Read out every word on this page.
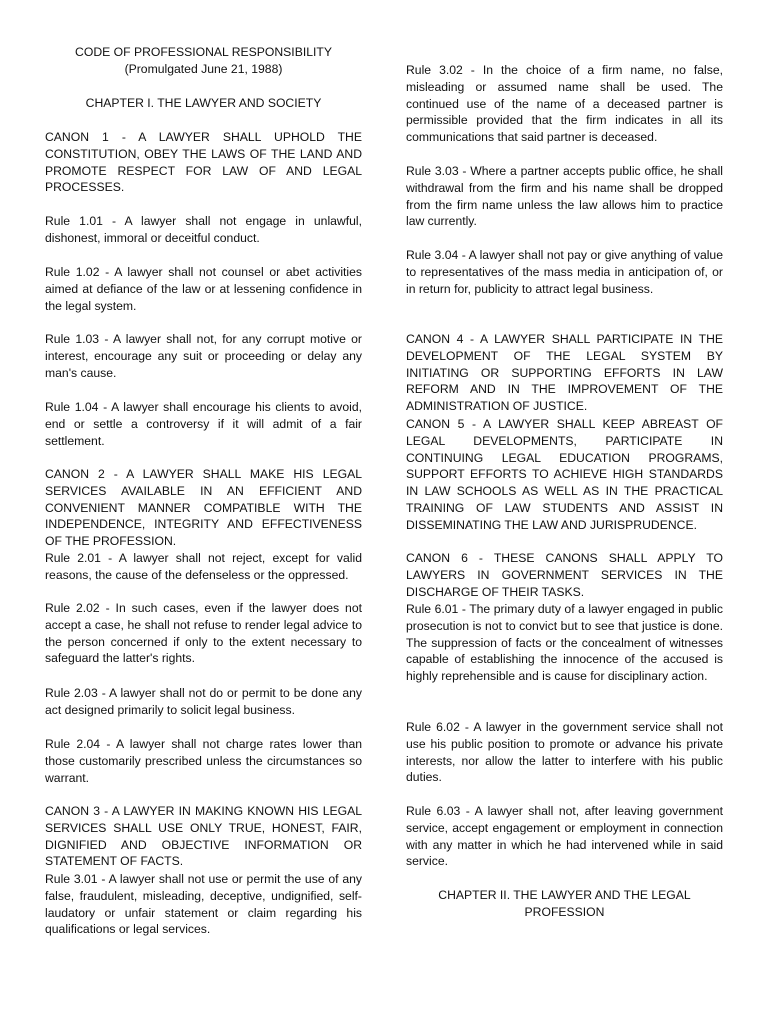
CODE OF PROFESSIONAL RESPONSIBILITY

(Promulgated June 21, 1988)

CHAPTER I. THE LAWYER AND SOCIETY

CANON 1 - A LAWYER SHALL UPHOLD THE CONSTITUTION, OBEY THE LAWS OF THE LAND AND PROMOTE RESPECT FOR LAW OF AND LEGAL PROCESSES.

Rule 1.01 - A lawyer shall not engage in unlawful, dishonest, immoral or deceitful conduct.

Rule 1.02 - A lawyer shall not counsel or abet activities aimed at defiance of the law or at lessening confidence in the legal system.

Rule 1.03 - A lawyer shall not, for any corrupt motive or interest, encourage any suit or proceeding or delay any man's cause.

Rule 1.04 - A lawyer shall encourage his clients to avoid, end or settle a controversy if it will admit of a fair settlement.

CANON 2 - A LAWYER SHALL MAKE HIS LEGAL SERVICES AVAILABLE IN AN EFFICIENT AND CONVENIENT MANNER COMPATIBLE WITH THE INDEPENDENCE, INTEGRITY AND EFFECTIVENESS OF THE PROFESSION.

Rule 2.01 - A lawyer shall not reject, except for valid reasons, the cause of the defenseless or the oppressed.

Rule 2.02 - In such cases, even if the lawyer does not accept a case, he shall not refuse to render legal advice to the person concerned if only to the extent necessary to safeguard the latter's rights.

Rule 2.03 - A lawyer shall not do or permit to be done any act designed primarily to solicit legal business.

Rule 2.04 - A lawyer shall not charge rates lower than those customarily prescribed unless the circumstances so warrant.

CANON 3 - A LAWYER IN MAKING KNOWN HIS LEGAL SERVICES SHALL USE ONLY TRUE, HONEST, FAIR, DIGNIFIED AND OBJECTIVE INFORMATION OR STATEMENT OF FACTS.

Rule 3.01 - A lawyer shall not use or permit the use of any false, fraudulent, misleading, deceptive, undignified, self-laudatory or unfair statement or claim regarding his qualifications or legal services.

Rule 3.02 - In the choice of a firm name, no false, misleading or assumed name shall be used. The continued use of the name of a deceased partner is permissible provided that the firm indicates in all its communications that said partner is deceased.

Rule 3.03 - Where a partner accepts public office, he shall withdrawal from the firm and his name shall be dropped from the firm name unless the law allows him to practice law currently.

Rule 3.04 - A lawyer shall not pay or give anything of value to representatives of the mass media in anticipation of, or in return for, publicity to attract legal business.

CANON 4 - A LAWYER SHALL PARTICIPATE IN THE DEVELOPMENT OF THE LEGAL SYSTEM BY INITIATING OR SUPPORTING EFFORTS IN LAW REFORM AND IN THE IMPROVEMENT OF THE ADMINISTRATION OF JUSTICE.

CANON 5 - A LAWYER SHALL KEEP ABREAST OF LEGAL DEVELOPMENTS, PARTICIPATE IN CONTINUING LEGAL EDUCATION PROGRAMS, SUPPORT EFFORTS TO ACHIEVE HIGH STANDARDS IN LAW SCHOOLS AS WELL AS IN THE PRACTICAL TRAINING OF LAW STUDENTS AND ASSIST IN DISSEMINATING THE LAW AND JURISPRUDENCE.

CANON 6 - THESE CANONS SHALL APPLY TO LAWYERS IN GOVERNMENT SERVICES IN THE DISCHARGE OF THEIR TASKS.

Rule 6.01 - The primary duty of a lawyer engaged in public prosecution is not to convict but to see that justice is done. The suppression of facts or the concealment of witnesses capable of establishing the innocence of the accused is highly reprehensible and is cause for disciplinary action.

Rule 6.02 - A lawyer in the government service shall not use his public position to promote or advance his private interests, nor allow the latter to interfere with his public duties.

Rule 6.03 - A lawyer shall not, after leaving government service, accept engagement or employment in connection with any matter in which he had intervened while in said service.

CHAPTER II. THE LAWYER AND THE LEGAL PROFESSION
